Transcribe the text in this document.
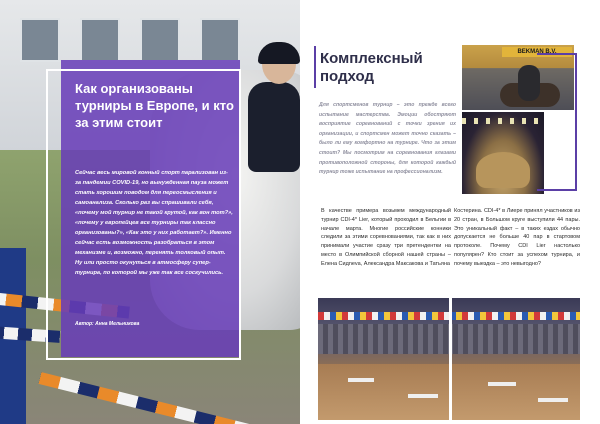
Как организованы турниры в Европе, и кто за этим стоит
Сейчас весь мировой конный спорт парализован из-за пандемии COVID-19, но вынужденная пауза может стать хорошим поводом для переосмысления и самоанализа. Сколько раз вы спрашивали себя, «почему мой турнир не такой крутой, как вон тот?», «почему у европейцев все турниры так классно организованы?», «Как это у них работает?». Именно сейчас есть возможность разобраться в этом механизме и, возможно, перенять толковый опыт. Ну или просто окунуться в атмосферу супер-турнира, по которой мы уже так все соскучились.
Автор: Анна Мельникова
Комплексный подход
Для спортсменов турнир – это прежде всего испытание мастерства. Эмоции обостряют восприятие соревнований с точки зрения их организации, и спортсмен может точно сказать – было ли ему комфортно на турнире. Что за этим стоит? Мы посмотрим на соревнования глазами противоположной стороны, для которой каждый турнир тоже испытание на профессионализм.
BEKMAN B.V.
В качестве примера возьмем международный турнир CDI-4* Lier, который проходил в Бельгии в начале марта. Многие российские конники следили за этими соревнованиями, так как в них принимали участие сразу три претендентки на место в Олимпийской сборной нашей страны – Елена Сидneva, Александра Максакова и Татьяна
Костерина. CDI-4* в Лиере принял участников из 20 стран, в Большом круге выступили 44 пары. Это уникальный факт – в таких ездах обычно допускается не больше 40 пар в стартовом протоколе. Почему CDI Lier настолько популярен? Кто стоит за успехом турнира, и почему выездка – это невыгодно?
